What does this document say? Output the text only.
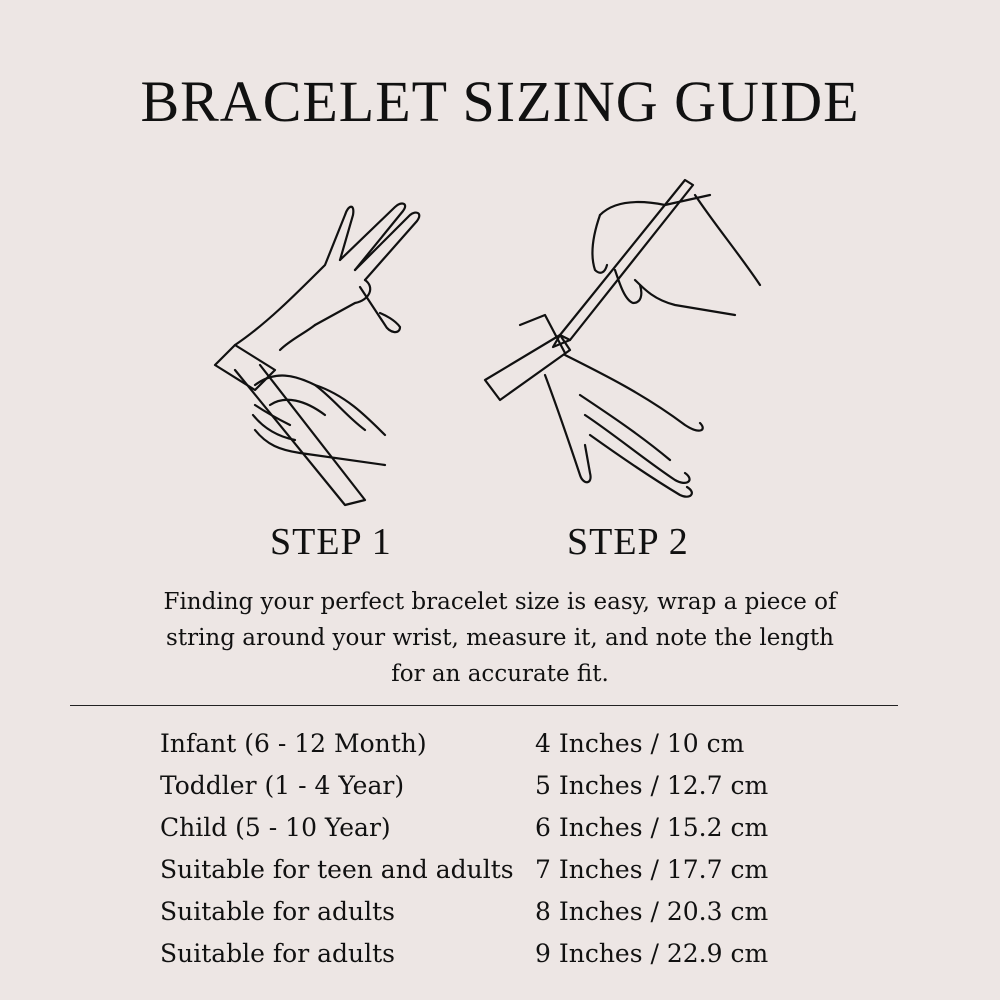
BRACELET SIZING GUIDE
STEP 1	STEP 2
Finding your perfect bracelet size is easy, wrap a piece of string around your wrist, measure it, and note the length for an accurate fit.
Infant (6 - 12 Month)	4 Inches / 10 cm
Toddler (1 - 4 Year)	5 Inches / 12.7 cm
Child (5 - 10 Year)	6 Inches / 15.2 cm
Suitable for teen and adults 7 Inches / 17.7 cm
Suitable for adults	8 Inches / 20.3 cm
Suitable for adults	9 Inches / 22.9 cm
